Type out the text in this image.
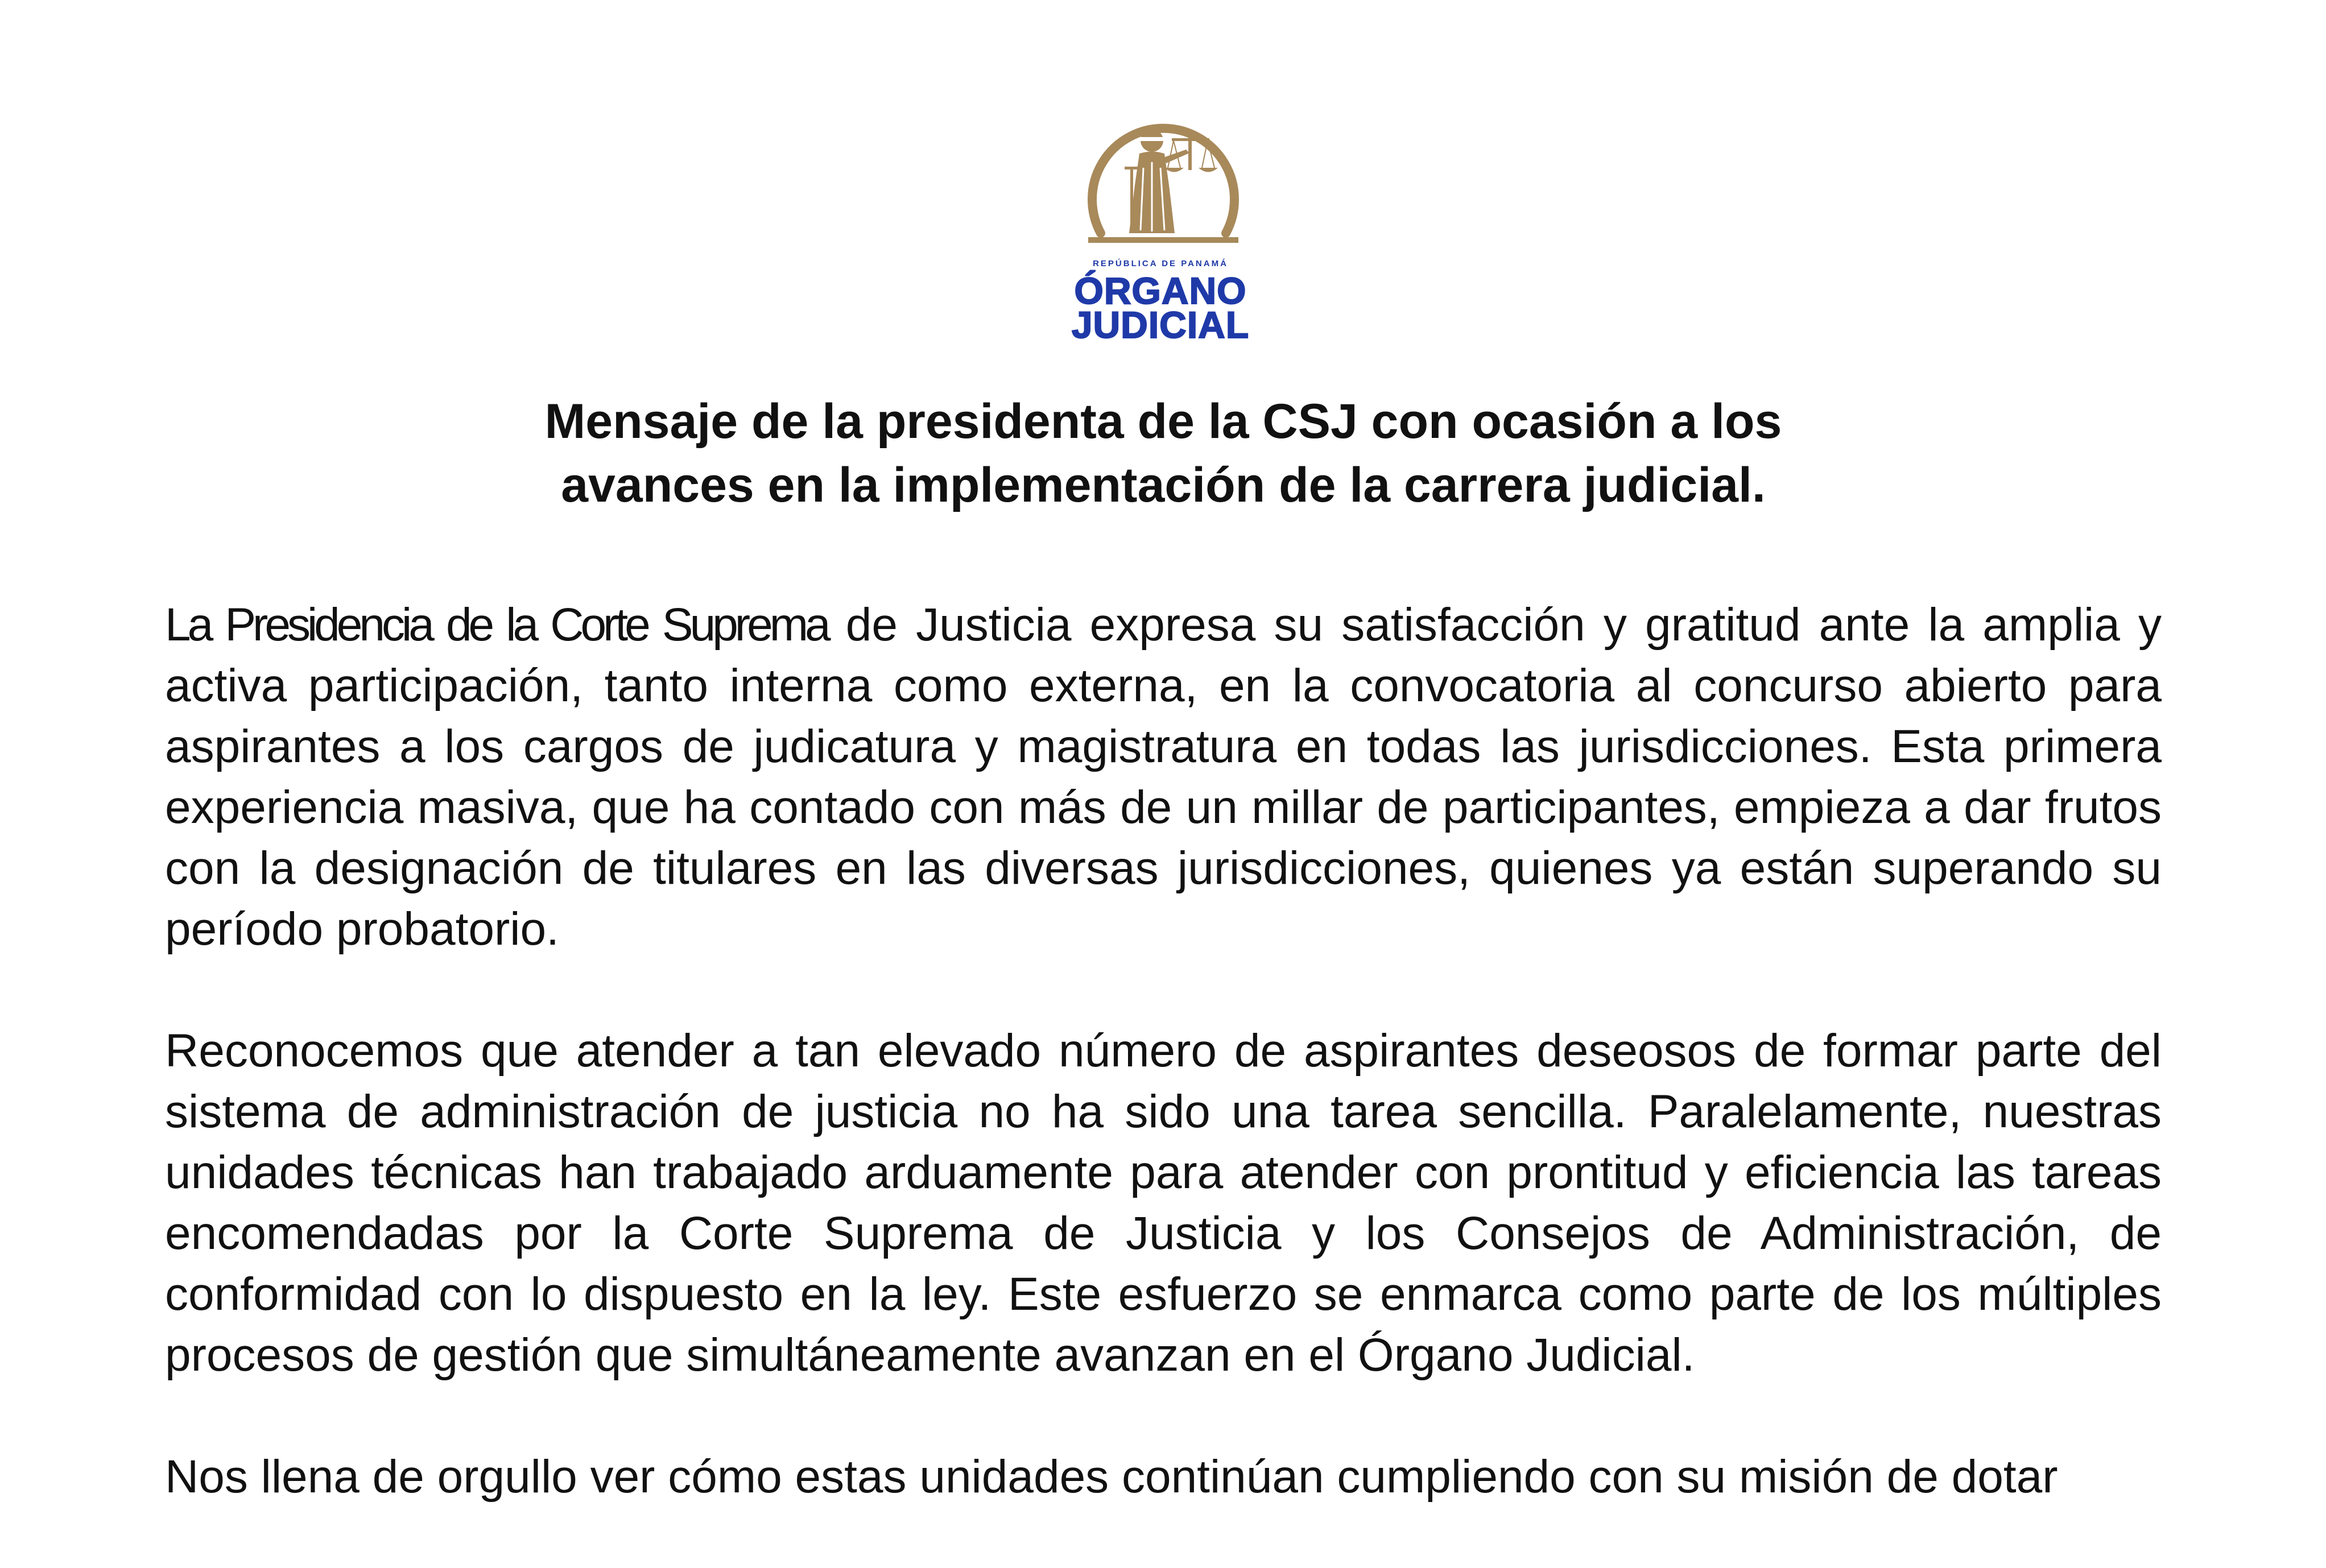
REPÚBLICA DE PANAMÁ
ÓRGANO
JUDICIAL
Mensaje de la presidenta de la CSJ con ocasión a los
avances en la implementación de la carrera judicial.

La Presidencia de la Corte Suprema de Justicia expresa su satisfacción y gratitud ante la amplia y activa participación, tanto interna como externa, en la convocatoria al concurso abierto para aspirantes a los cargos de judicatura y magistratura en todas las jurisdicciones. Esta primera experiencia masiva, que ha contado con más de un millar de participantes, empieza a dar frutos con la designación de titulares en las diversas jurisdicciones, quienes ya están superando su período probatorio.

Reconocemos que atender a tan elevado número de aspirantes deseosos de formar parte del sistema de administración de justicia no ha sido una tarea sencilla. Paralelamente, nuestras unidades técnicas han trabajado arduamente para atender con prontitud y eficiencia las tareas encomendadas por la Corte Suprema de Justicia y los Consejos de Administración, de conformidad con lo dispuesto en la ley. Este esfuerzo se enmarca como parte de los múltiples procesos de gestión que simultáneamente avanzan en el Órgano Judicial.

Nos llena de orgullo ver cómo estas unidades continúan cumpliendo con su misión de dotar
